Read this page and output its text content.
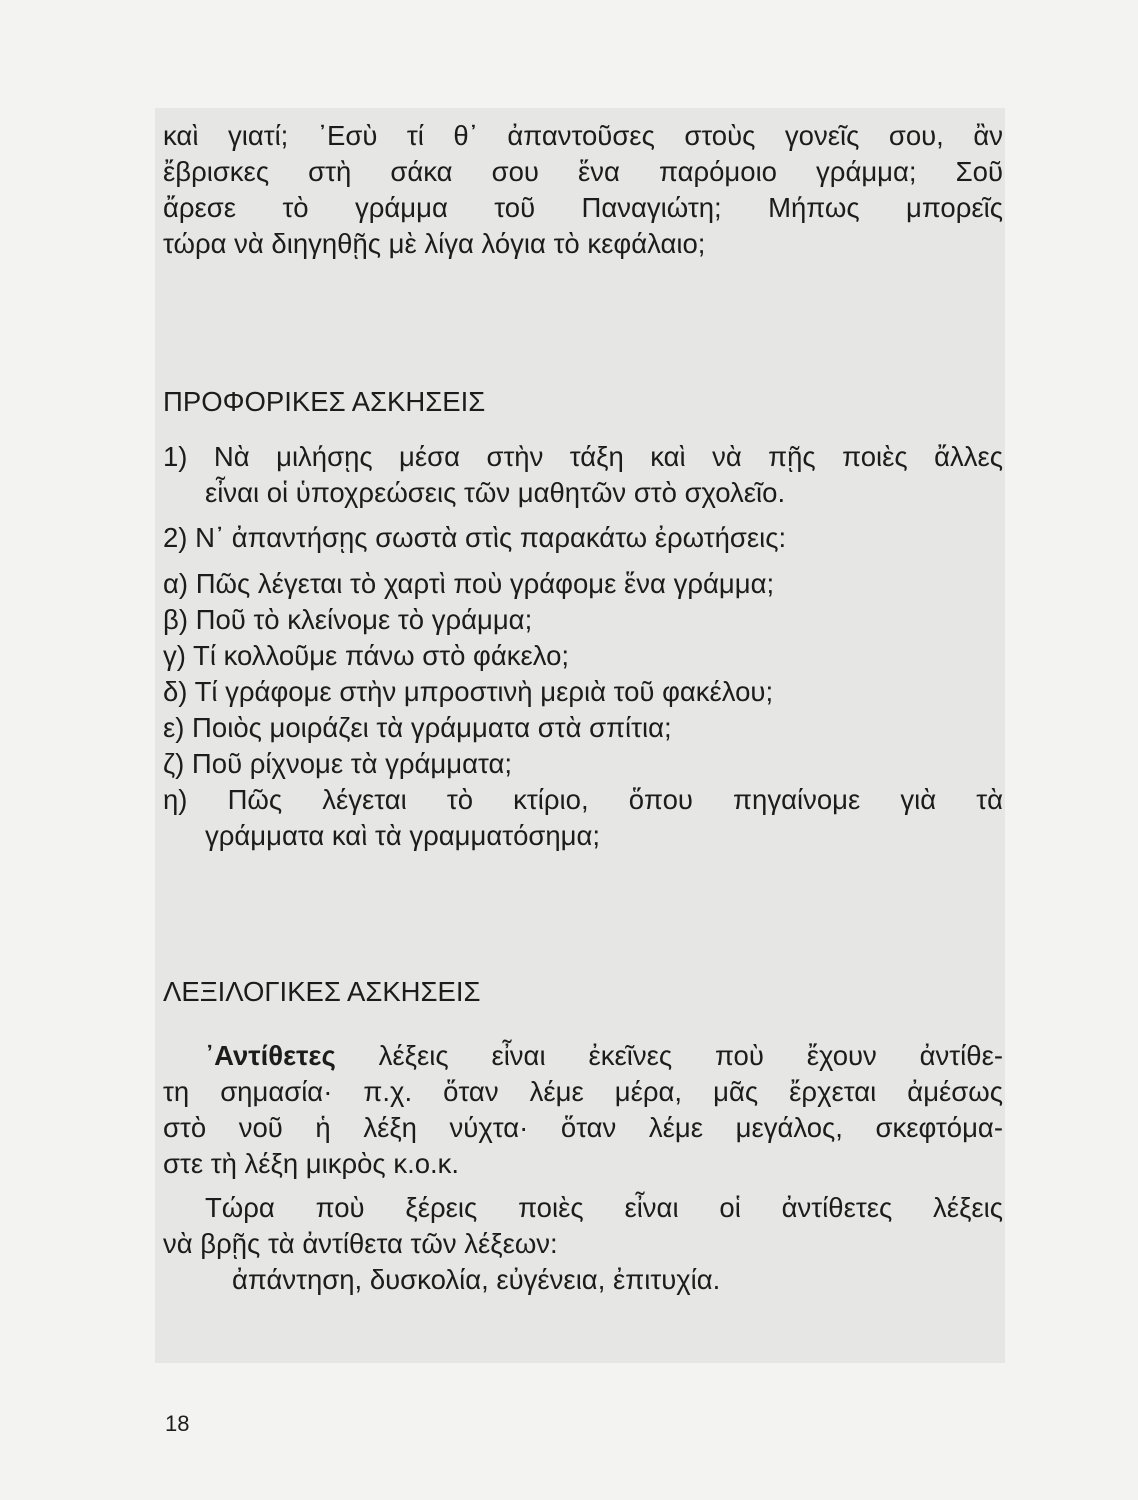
καὶ γιατί; ᾿Εσὺ τί θ᾿ ἀπαντοῦσες στοὺς γονεῖς σου, ἂν
ἔβρισκες στὴ σάκα σου ἕνα παρόμοιο γράμμα; Σοῦ
ἄρεσε τὸ γράμμα τοῦ Παναγιώτη; Μήπως μπορεῖς
τώρα νὰ διηγηθῇς μὲ λίγα λόγια τὸ κεφάλαιο;
ΠΡΟΦΟΡΙΚΕΣ ΑΣΚΗΣΕΙΣ
1) Νὰ μιλήσῃς μέσα στὴν τάξη καὶ νὰ πῇς ποιὲς ἄλλες
εἶναι οἱ ὑποχρεώσεις τῶν μαθητῶν στὸ σχολεῖο.
2) Ν᾿ ἀπαντήσῃς σωστὰ στὶς παρακάτω ἐρωτήσεις:
α) Πῶς λέγεται τὸ χαρτὶ ποὺ γράφομε ἕνα γράμμα;
β) Ποῦ τὸ κλείνομε τὸ γράμμα;
γ) Τί κολλοῦμε πάνω στὸ φάκελο;
δ) Τί γράφομε στὴν μπροστινὴ μεριὰ τοῦ φακέλου;
ε) Ποιὸς μοιράζει τὰ γράμματα στὰ σπίτια;
ζ) Ποῦ ρίχνομε τὰ γράμματα;
η) Πῶς λέγεται τὸ κτίριο, ὅπου πηγαίνομε γιὰ τὰ
γράμματα καὶ τὰ γραμματόσημα;
ΛΕΞΙΛΟΓΙΚΕΣ ΑΣΚΗΣΕΙΣ
᾿Αντίθετες λέξεις εἶναι ἐκεῖνες ποὺ ἔχουν ἀντίθε-
τη σημασία· π.χ. ὅταν λέμε μέρα, μᾶς ἔρχεται ἀμέσως
στὸ νοῦ ἡ λέξη νύχτα· ὅταν λέμε μεγάλος, σκεφτόμα-
στε τὴ λέξη μικρὸς κ.ο.κ.
Τώρα ποὺ ξέρεις ποιὲς εἶναι οἱ ἀντίθετες λέξεις
νὰ βρῇς τὰ ἀντίθετα τῶν λέξεων:
ἀπάντηση, δυσκολία, εὐγένεια, ἐπιτυχία.
18
